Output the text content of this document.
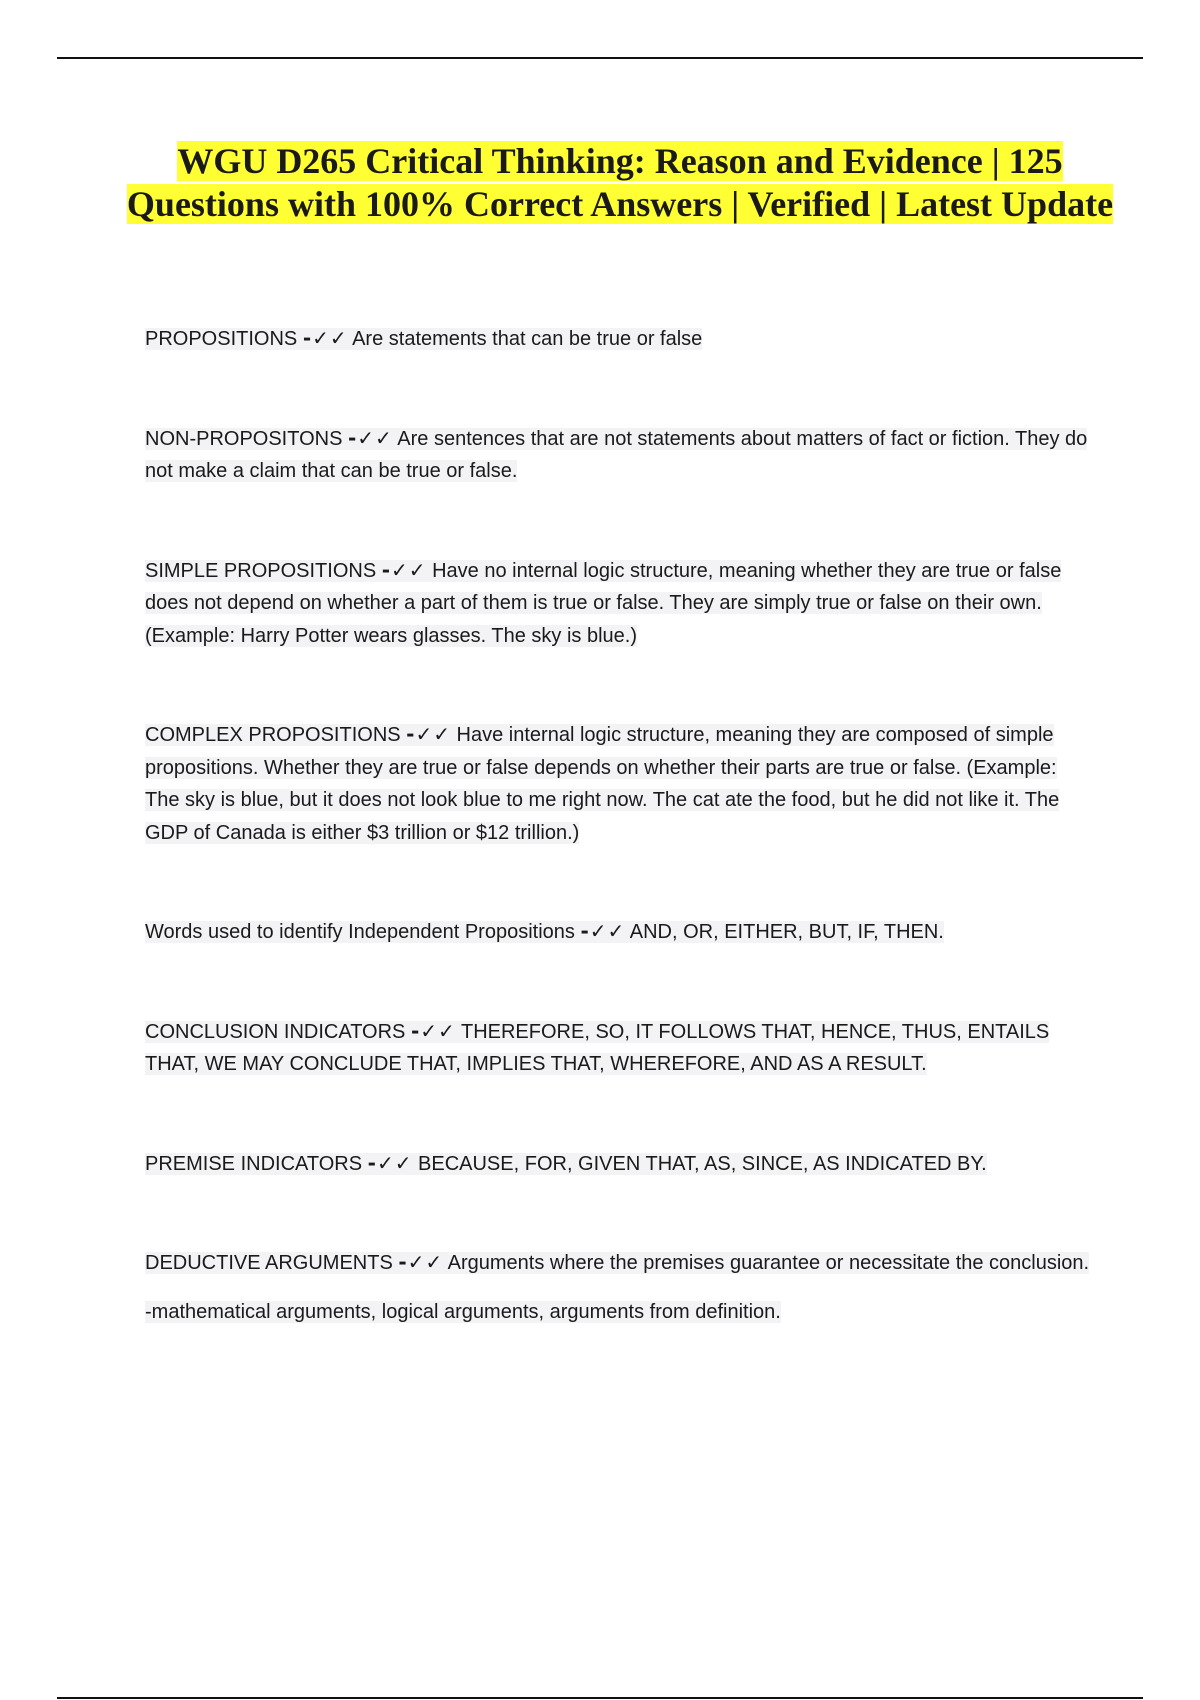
WGU D265 Critical Thinking: Reason and Evidence | 125 Questions with 100% Correct Answers | Verified | Latest Update

PROPOSITIONS -✓✓ Are statements that can be true or false

NON-PROPOSITONS -✓✓ Are sentences that are not statements about matters of fact or fiction. They do not make a claim that can be true or false.

SIMPLE PROPOSITIONS -✓✓ Have no internal logic structure, meaning whether they are true or false does not depend on whether a part of them is true or false. They are simply true or false on their own. (Example: Harry Potter wears glasses. The sky is blue.)

COMPLEX PROPOSITIONS -✓✓ Have internal logic structure, meaning they are composed of simple propositions. Whether they are true or false depends on whether their parts are true or false. (Example: The sky is blue, but it does not look blue to me right now. The cat ate the food, but he did not like it. The GDP of Canada is either $3 trillion or $12 trillion.)

Words used to identify Independent Propositions -✓✓ AND, OR, EITHER, BUT, IF, THEN.

CONCLUSION INDICATORS -✓✓ THEREFORE, SO, IT FOLLOWS THAT, HENCE, THUS, ENTAILS THAT, WE MAY CONCLUDE THAT, IMPLIES THAT, WHEREFORE, AND AS A RESULT.

PREMISE INDICATORS -✓✓ BECAUSE, FOR, GIVEN THAT, AS, SINCE, AS INDICATED BY.

DEDUCTIVE ARGUMENTS -✓✓ Arguments where the premises guarantee or necessitate the conclusion.

-mathematical arguments, logical arguments, arguments from definition.
